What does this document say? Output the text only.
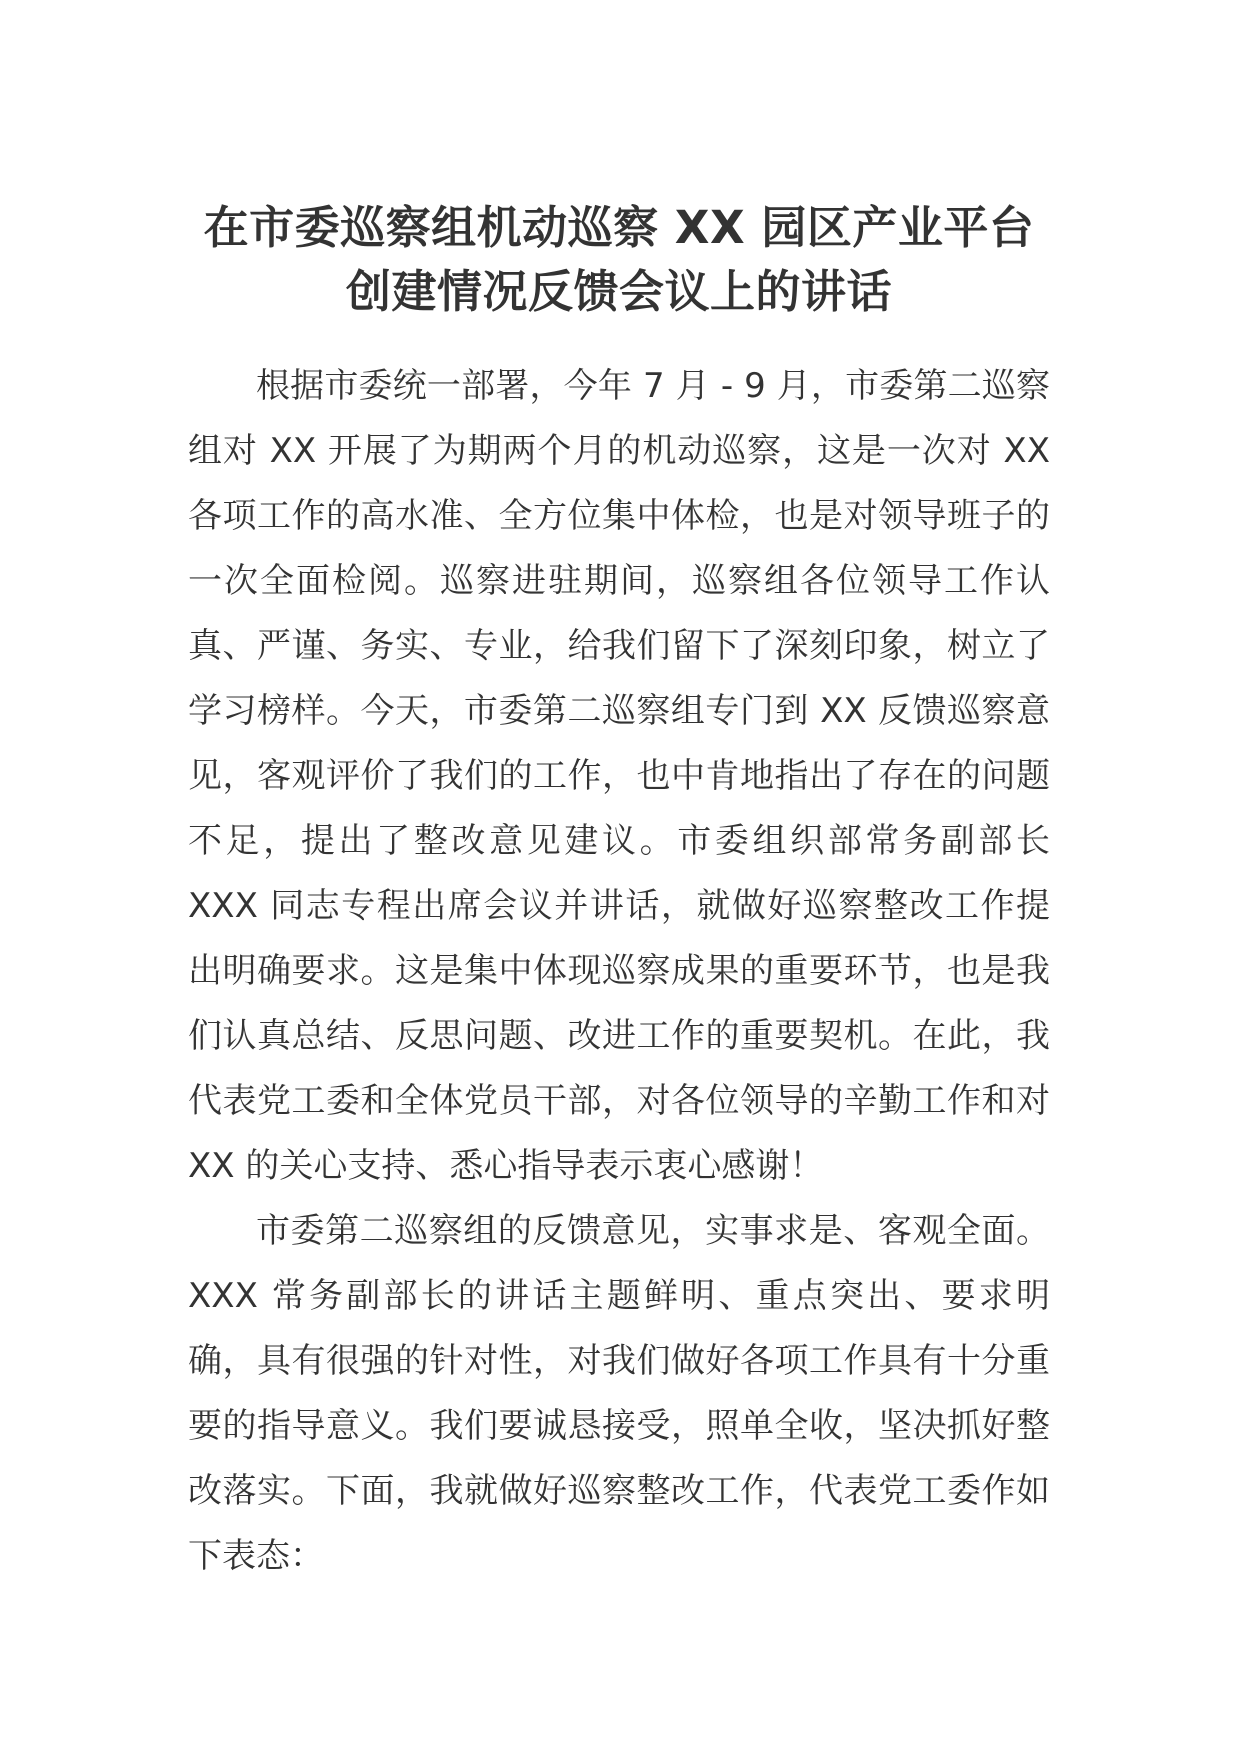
在市委巡察组机动巡察 XX 园区产业平台
创建情况反馈会议上的讲话

根据市委统一部署，今年 7 月 - 9 月，市委第二巡察组对 XX 开展了为期两个月的机动巡察，这是一次对 XX 各项工作的高水准、全方位集中体检，也是对领导班子的一次全面检阅。巡察进驻期间，巡察组各位领导工作认真、严谨、务实、专业，给我们留下了深刻印象，树立了学习榜样。今天，市委第二巡察组专门到 XX 反馈巡察意见，客观评价了我们的工作，也中肯地指出了存在的问题不足，提出了整改意见建议。市委组织部常务副部长 XXX 同志专程出席会议并讲话，就做好巡察整改工作提出明确要求。这是集中体现巡察成果的重要环节，也是我们认真总结、反思问题、改进工作的重要契机。在此，我代表党工委和全体党员干部，对各位领导的辛勤工作和对 XX 的关心支持、悉心指导表示衷心感谢！

市委第二巡察组的反馈意见，实事求是、客观全面。XXX 常务副部长的讲话主题鲜明、重点突出、要求明确，具有很强的针对性，对我们做好各项工作具有十分重要的指导意义。我们要诚恳接受，照单全收，坚决抓好整改落实。下面，我就做好巡察整改工作，代表党工委作如下表态：
